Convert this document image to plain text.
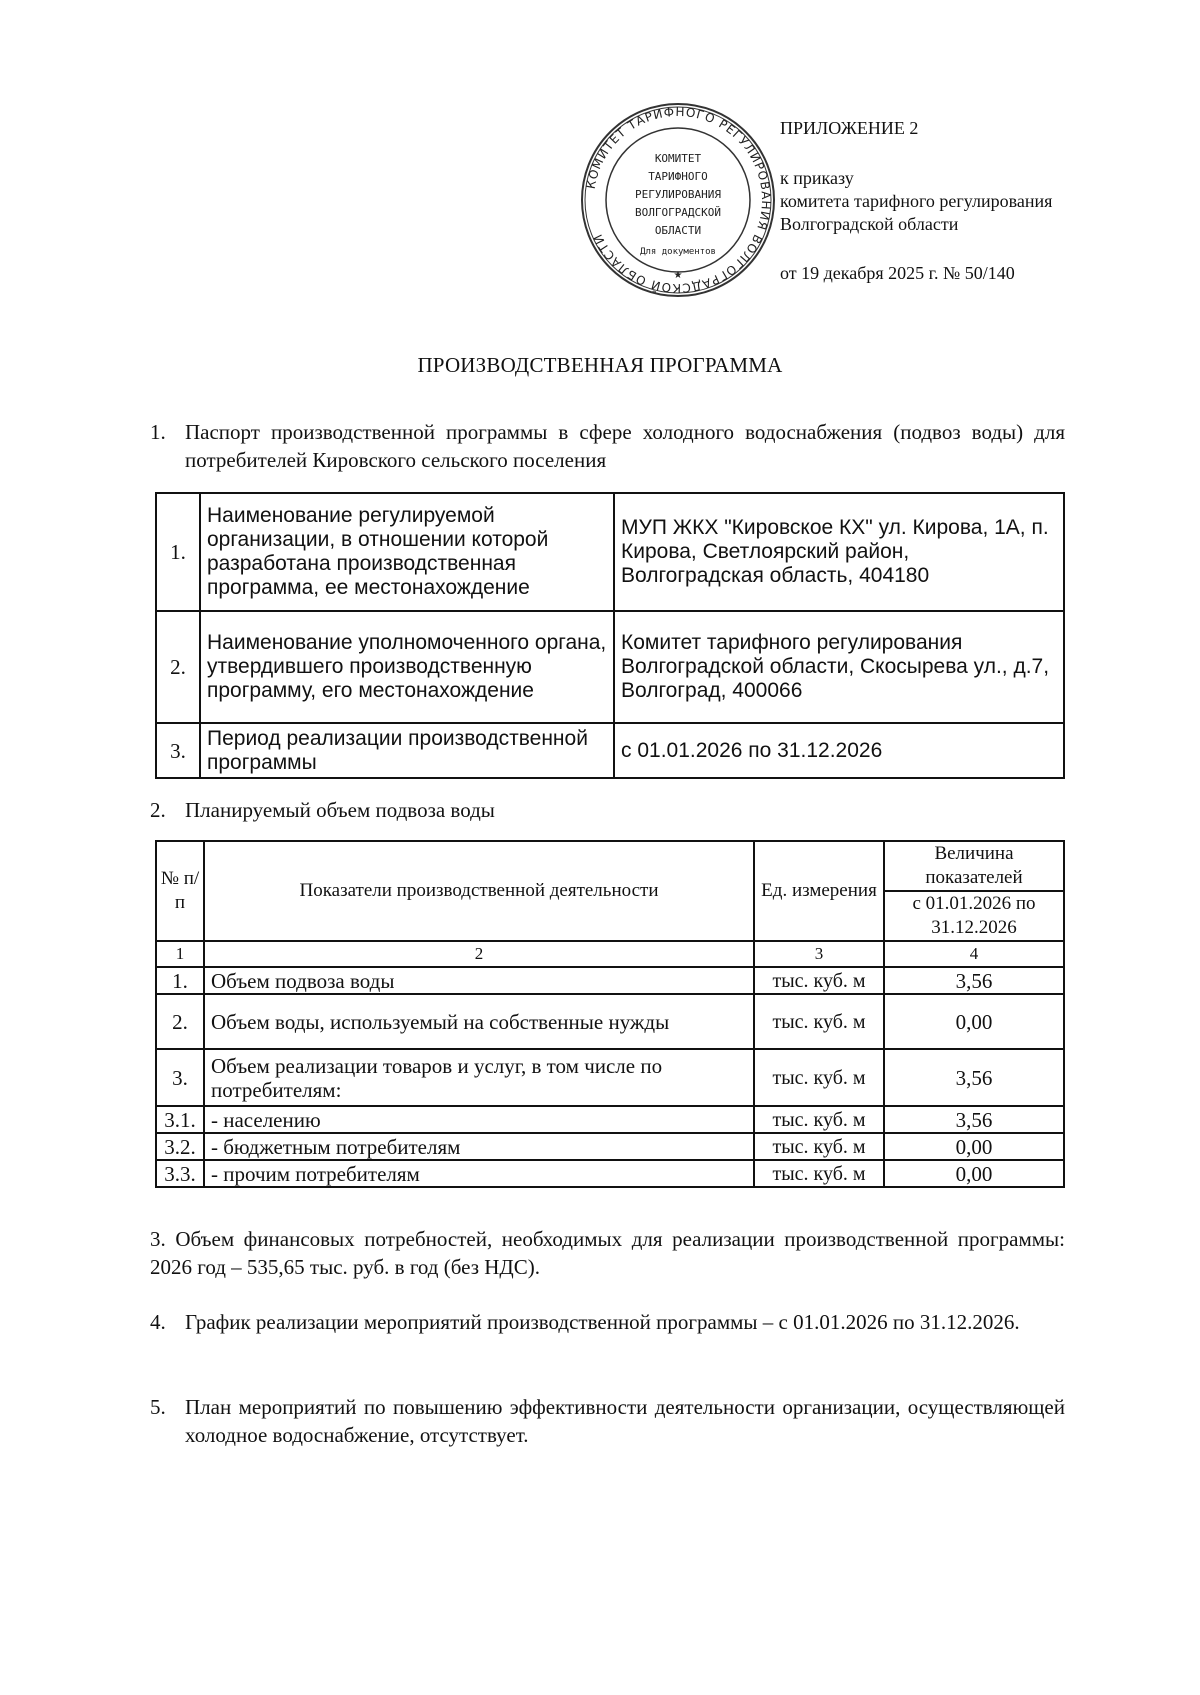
КОМИТЕТ ТАРИФНОГО РЕГУЛИРОВАНИЯ ВОЛГОГРАДСКОЙ ОБЛАСТИ
КОМИТЕТ
ТАРИФНОГО
РЕГУЛИРОВАНИЯ
ВОЛГОГРАДСКОЙ
ОБЛАСТИ
Для документов
★
ПРИЛОЖЕНИЕ 2
к приказу
комитета тарифного регулирования
Волгоградской области
от 19 декабря 2025 г. № 50/140
ПРОИЗВОДСТВЕННАЯ ПРОГРАММА
1. Паспорт производственной программы в сфере холодного водоснабжения (подвоз воды) для потребителей Кировского сельского поселения
1.	Наименование регулируемой организации, в отношении которой разработана производственная программа, ее местонахождение	МУП ЖКХ "Кировское КХ" ул. Кирова, 1А, п. Кирова, Светлоярский район, Волгоградская область, 404180
2.	Наименование уполномоченного органа, утвердившего производственную программу, его местонахождение	Комитет тарифного регулирования Волгоградской области, Скосырева ул., д.7, Волгоград, 400066
3.	Период реализации производственной программы	с 01.01.2026 по 31.12.2026
2. Планируемый объем подвоза воды
№ п/п	Показатели производственной деятельности	Ед. измерения	Величина показателей
			с 01.01.2026 по 31.12.2026
1	2	3	4
1.	Объем подвоза воды	тыс. куб. м	3,56
2.	Объем воды, используемый на собственные нужды	тыс. куб. м	0,00
3.	Объем реализации товаров и услуг, в том числе по потребителям:	тыс. куб. м	3,56
3.1.	- населению	тыс. куб. м	3,56
3.2.	- бюджетным потребителям	тыс. куб. м	0,00
3.3.	- прочим потребителям	тыс. куб. м	0,00
3. Объем финансовых потребностей, необходимых для реализации производственной программы: 2026 год – 535,65 тыс. руб. в год (без НДС).
4. График реализации мероприятий производственной программы – с 01.01.2026 по 31.12.2026.
5. План мероприятий по повышению эффективности деятельности организации, осуществляющей холодное водоснабжение, отсутствует.
